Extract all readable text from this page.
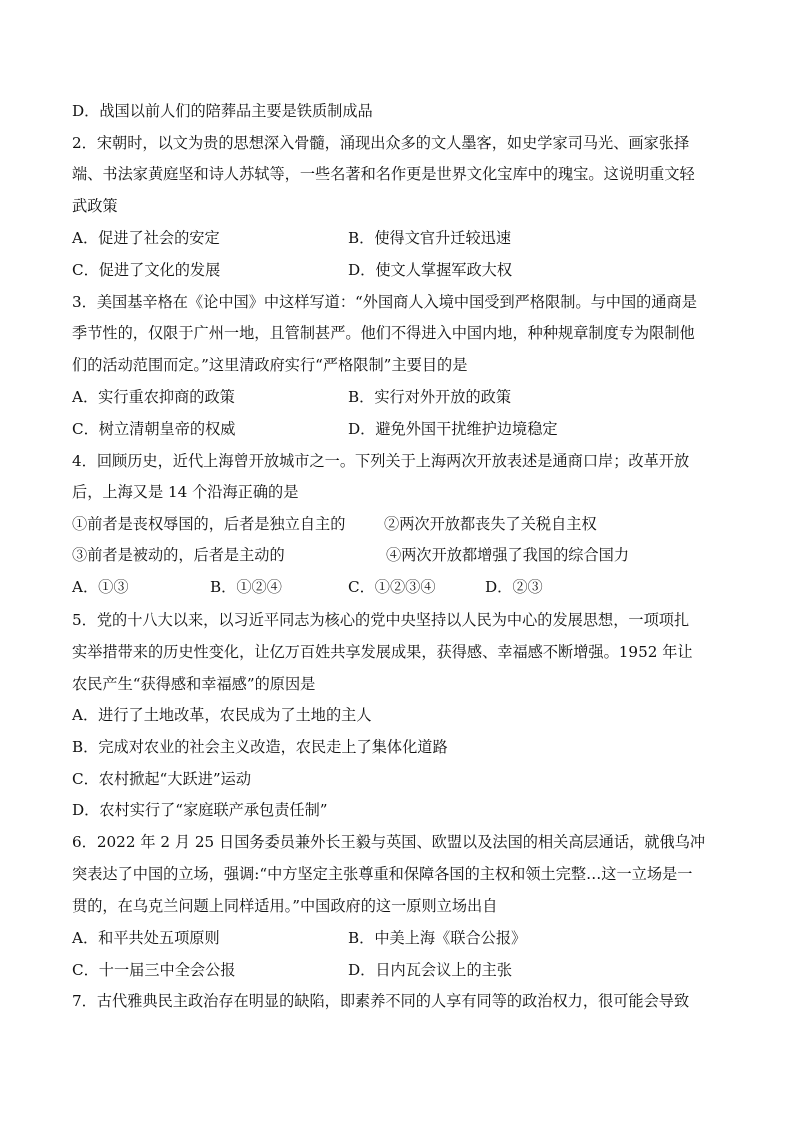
D．战国以前人们的陪葬品主要是铁质制成品
2．宋朝时，以文为贵的思想深入骨髓，涌现出众多的文人墨客，如史学家司马光、画家张择
端、书法家黄庭坚和诗人苏轼等，一些名著和名作更是世界文化宝库中的瑰宝。这说明重文轻
武政策
A．促进了社会的安定	B．使得文官升迁较迅速
C．促进了文化的发展	D．使文人掌握军政大权
3．美国基辛格在《论中国》中这样写道：“外国商人入境中国受到严格限制。与中国的通商是
季节性的，仅限于广州一地，且管制甚严。他们不得进入中国内地，种种规章制度专为限制他
们的活动范围而定。”这里清政府实行“严格限制”主要目的是
A．实行重农抑商的政策	B．实行对外开放的政策
C．树立清朝皇帝的权威	D．避免外国干扰维护边境稳定
4．回顾历史，近代上海曾开放城市之一。下列关于上海两次开放表述是通商口岸；改革开放
后，上海又是 14 个沿海正确的是
①前者是丧权辱国的，后者是独立自主的	②两次开放都丧失了关税自主权
③前者是被动的，后者是主动的	④两次开放都增强了我国的综合国力
A．①③	B．①②④	C．①②③④	D．②③
5．党的十八大以来，以习近平同志为核心的党中央坚持以人民为中心的发展思想，一项项扎
实举措带来的历史性变化，让亿万百姓共享发展成果，获得感、幸福感不断增强。1952 年让
农民产生“获得感和幸福感”的原因是
A．进行了土地改革，农民成为了土地的主人
B．完成对农业的社会主义改造，农民走上了集体化道路
C．农村掀起“大跃进”运动
D．农村实行了“家庭联产承包责任制”
6．2022 年 2 月 25 日国务委员兼外长王毅与英国、欧盟以及法国的相关高层通话，就俄乌冲
突表达了中国的立场，强调:“中方坚定主张尊重和保障各国的主权和领土完整…这一立场是一
贯的，在乌克兰问题上同样适用。”中国政府的这一原则立场出自
A．和平共处五项原则	B．中美上海《联合公报》
C．十一届三中全会公报	D．日内瓦会议上的主张
7．古代雅典民主政治存在明显的缺陷，即素养不同的人享有同等的政治权力，很可能会导致
